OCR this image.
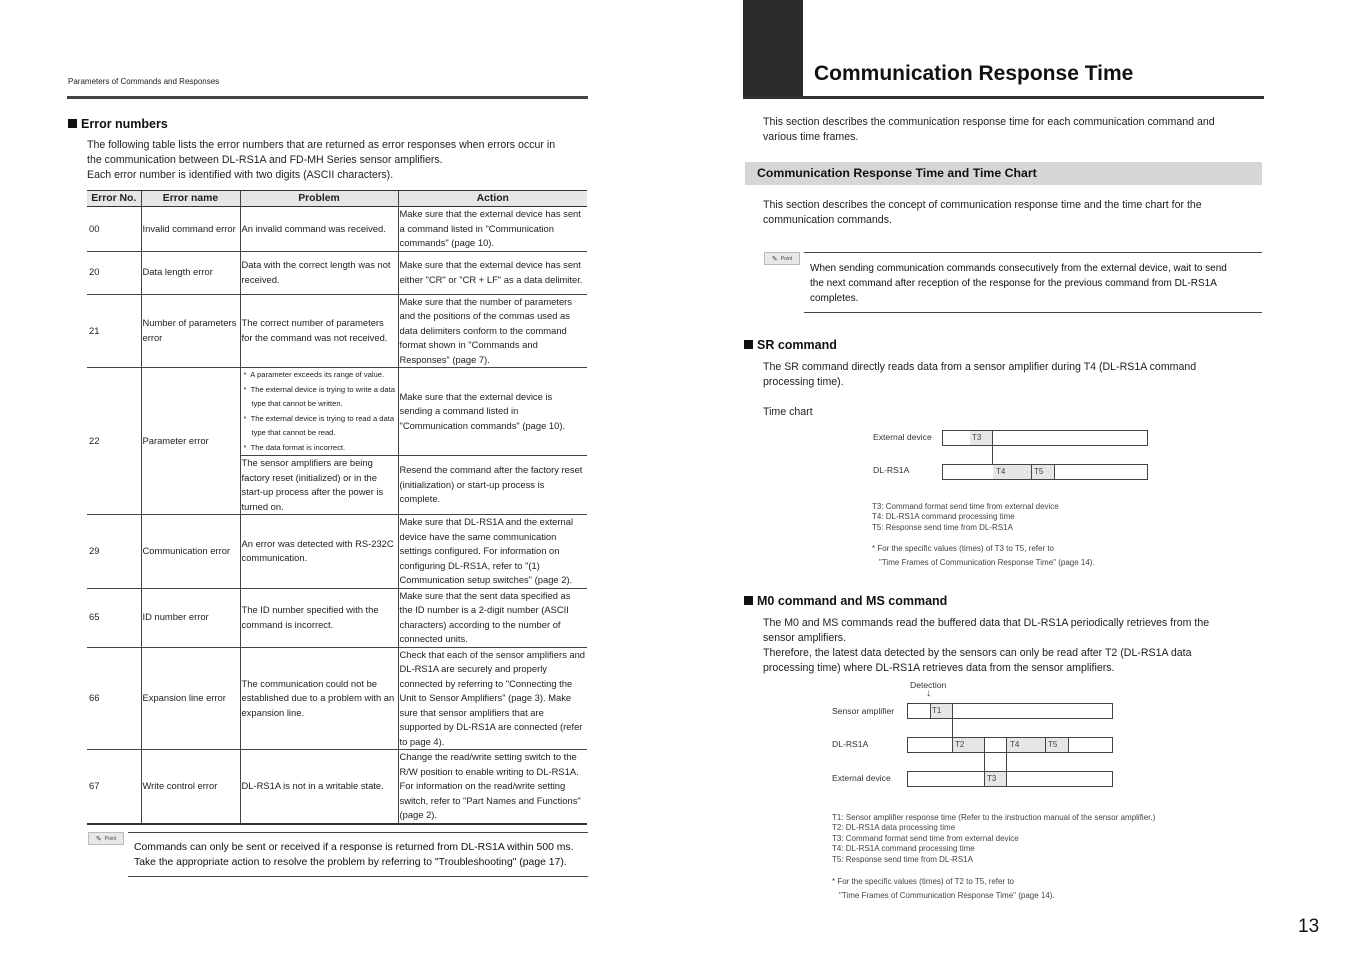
Parameters of Commands and Responses
Error numbers
The following table lists the error numbers that are returned as error responses when errors occur in
the communication between DL-RS1A and FD-MH Series sensor amplifiers.
Each error number is identified with two digits (ASCII characters).
Error No.	Error name	Problem	Action
00	Invalid command error	An invalid command was received.	Make sure that the external device has sent a command listed in "Communication commands" (page 10).
20	Data length error	Data with the correct length was not received.	Make sure that the external device has sent either "CR" or "CR + LF" as a data delimiter.
21	Number of parameters error	The correct number of parameters for the command was not received.	Make sure that the number of parameters and the positions of the commas used as data delimiters conform to the command format shown in "Commands and Responses" (page 7).
22	Parameter error	* A parameter exceeds its range of value.
* The external device is trying to write a data type that cannot be written.
* The external device is trying to read a data type that cannot be read.
* The data format is incorrect.	Make sure that the external device is sending a command listed in "Communication commands" (page 10).
		The sensor amplifiers are being factory reset (initialized) or in the start-up process after the power is turned on.	Resend the command after the factory reset (initialization) or start-up process is complete.
29	Communication error	An error was detected with RS-232C communication.	Make sure that DL-RS1A and the external device have the same communication settings configured. For information on configuring DL-RS1A, refer to "(1) Communication setup switches" (page 2).
65	ID number error	The ID number specified with the command is incorrect.	Make sure that the sent data specified as the ID number is a 2-digit number (ASCII characters) according to the number of connected units.
66	Expansion line error	The communication could not be established due to a problem with an expansion line.	Check that each of the sensor amplifiers and DL-RS1A are securely and properly connected by referring to "Connecting the Unit to Sensor Amplifiers" (page 3). Make sure that sensor amplifiers that are supported by DL-RS1A are connected (refer to page 4).
67	Write control error	DL-RS1A is not in a writable state.	Change the read/write setting switch to the R/W position to enable writing to DL-RS1A. For information on the read/write setting switch, refer to "Part Names and Functions" (page 2).
✎ Point
Commands can only be sent or received if a response is returned from DL-RS1A within 500 ms.
Take the appropriate action to resolve the problem by referring to "Troubleshooting" (page 17).
Communication Response Time
This section describes the communication response time for each communication command and
various time frames.
Communication Response Time and Time Chart
This section describes the concept of communication response time and the time chart for the
communication commands.
✎ Point
When sending communication commands consecutively from the external device, wait to send
the next command after reception of the response for the previous command from DL-RS1A
completes.
SR command
The SR command directly reads data from a sensor amplifier during T4 (DL-RS1A command
processing time).
Time chart
External device
DL-RS1A
T3
T4	T5
T3: Command format send time from external device
T4: DL-RS1A command processing time
T5: Response send time from DL-RS1A
* For the specific values (times) of T3 to T5, refer to
"Time Frames of Communication Response Time" (page 14).
M0 command and MS command
The M0 and MS commands read the buffered data that DL-RS1A periodically retrieves from the
sensor amplifiers.
Therefore, the latest data detected by the sensors can only be read after T2 (DL-RS1A data
processing time) where DL-RS1A retrieves data from the sensor amplifiers.
Detection
↓
Sensor amplifier
DL-RS1A
External device
T1
T2	T4	T5
T3
T1: Sensor amplifier response time (Refer to the instruction manual of the sensor amplifier.)
T2: DL-RS1A data processing time
T3: Command format send time from external device
T4: DL-RS1A command processing time
T5: Response send time from DL-RS1A
* For the specific values (times) of T2 to T5, refer to
"Time Frames of Communication Response Time" (page 14).
13
